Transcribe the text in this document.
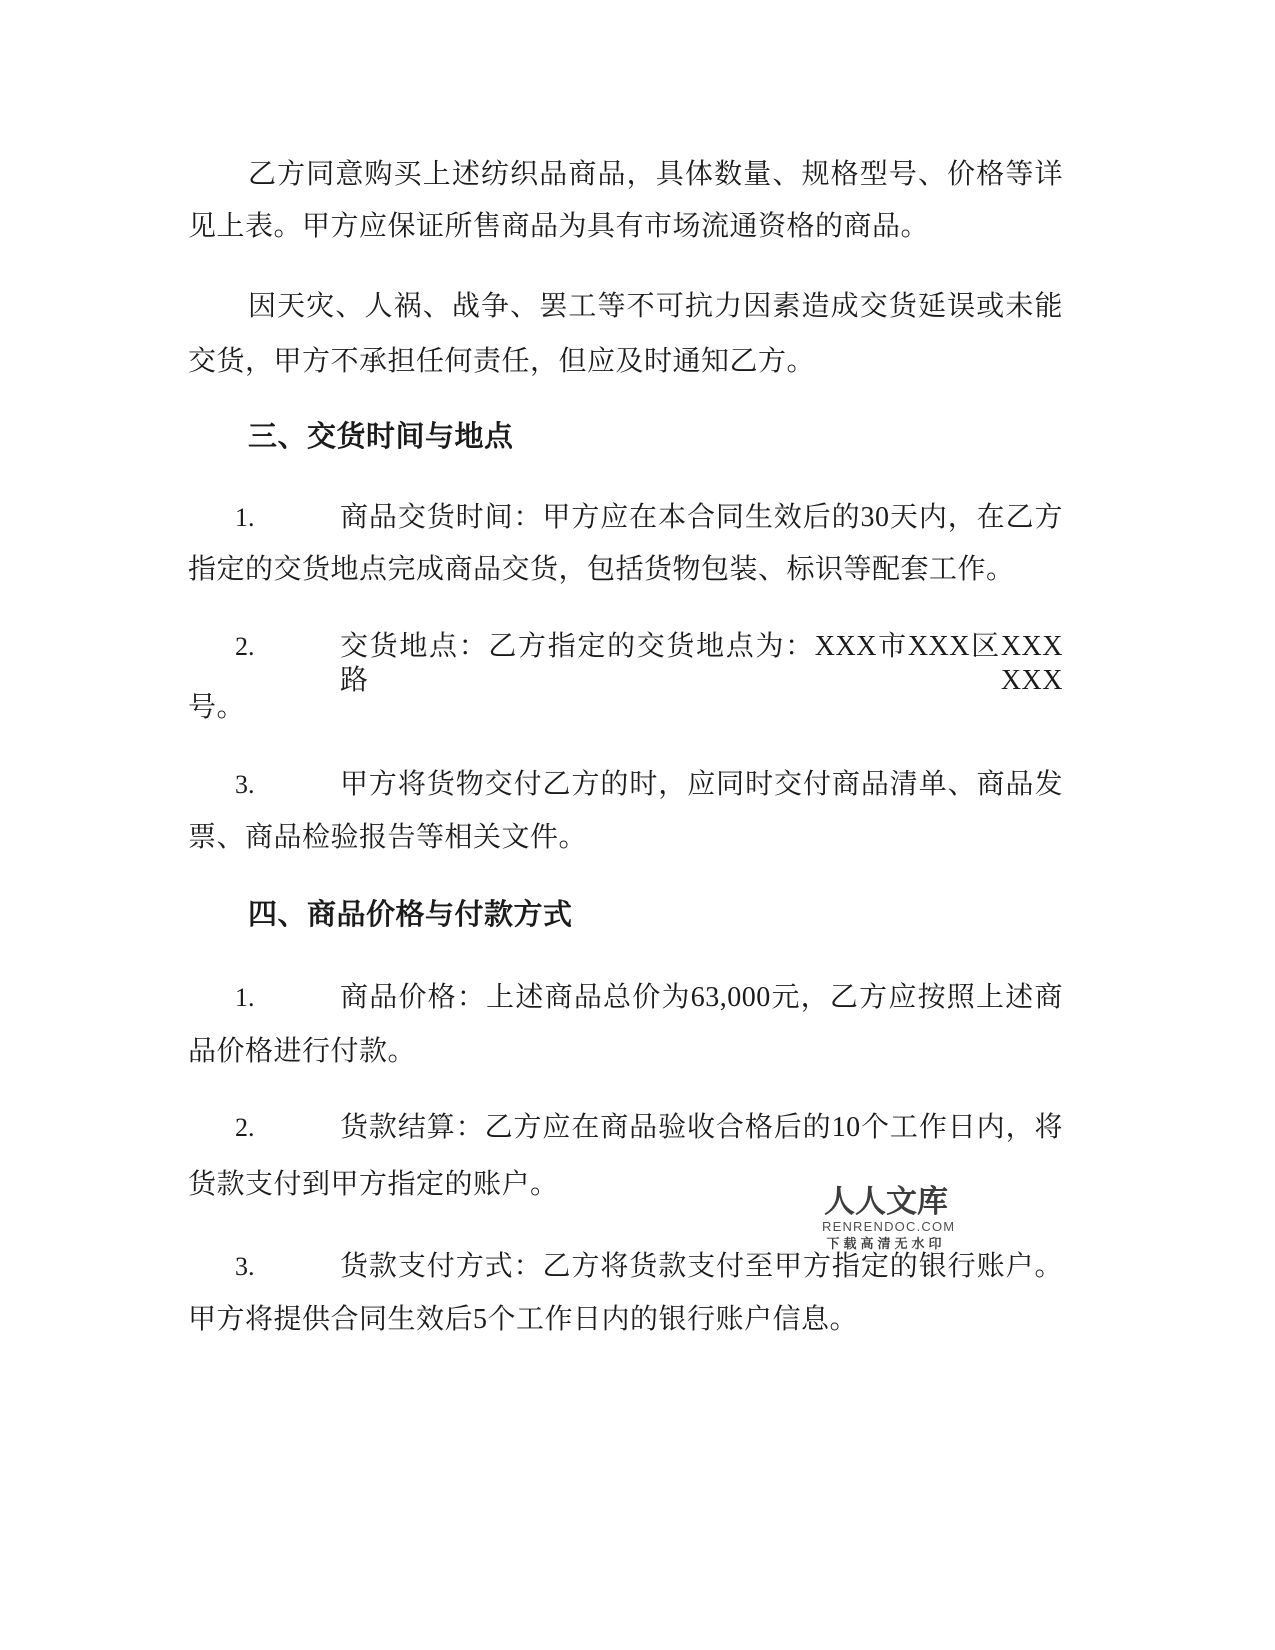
乙方同意购买上述纺织品商品，具体数量、规格型号、价格等详
见上表。甲方应保证所售商品为具有市场流通资格的商品。
因天灾、人祸、战争、罢工等不可抗力因素造成交货延误或未能
交货，甲方不承担任何责任，但应及时通知乙方。
三、交货时间与地点
1.	商品交货时间：甲方应在本合同生效后的30天内，在乙方
指定的交货地点完成商品交货，包括货物包装、标识等配套工作。
2.	交货地点：乙方指定的交货地点为：XXX市XXX区XXX路XXX
号。
3.	甲方将货物交付乙方的时，应同时交付商品清单、商品发
票、商品检验报告等相关文件。
四、商品价格与付款方式
1.	商品价格：上述商品总价为63,000元，乙方应按照上述商
品价格进行付款。
2.	货款结算：乙方应在商品验收合格后的10个工作日内，将
货款支付到甲方指定的账户。
3.	货款支付方式：乙方将货款支付至甲方指定的银行账户。
甲方将提供合同生效后5个工作日内的银行账户信息。
人人文库
RENRENDOC.COM
下载高清无水印
